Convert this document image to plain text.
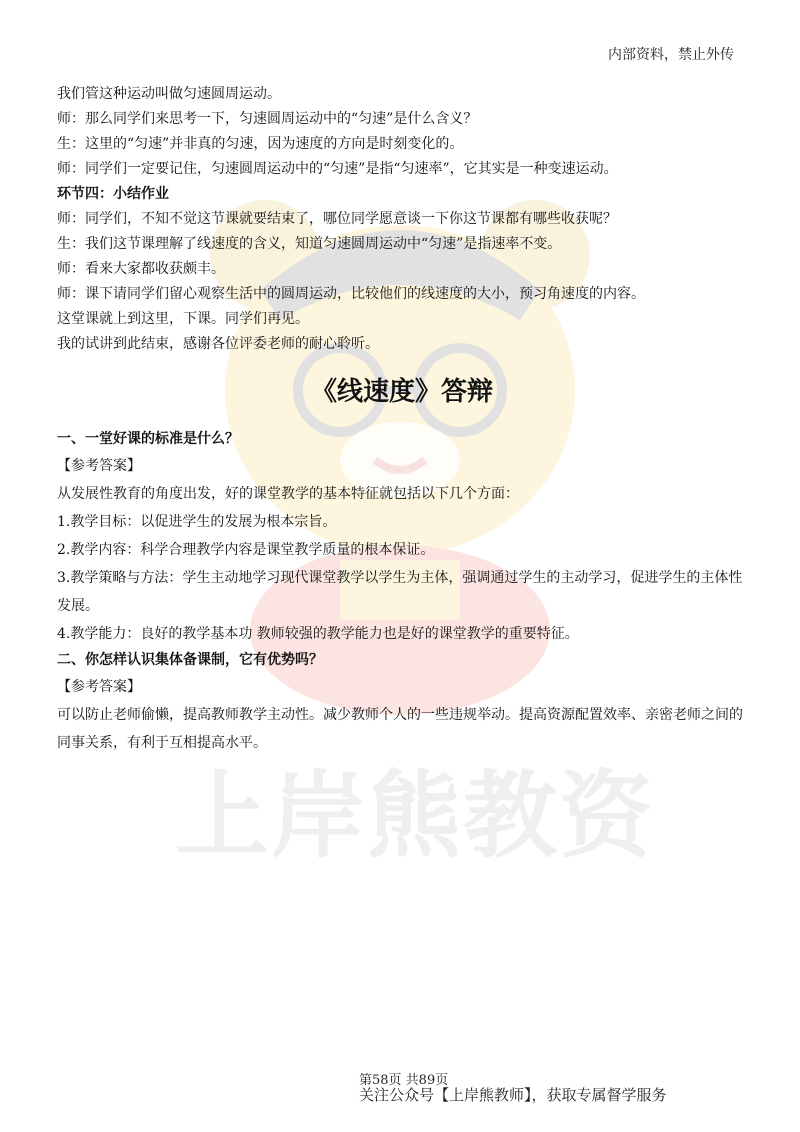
上岸熊教资
内部资料，禁止外传

我们管这种运动叫做匀速圆周运动。

师：那么同学们来思考一下，匀速圆周运动中的“匀速”是什么含义？

生：这里的“匀速”并非真的匀速，因为速度的方向是时刻变化的。

师：同学们一定要记住，匀速圆周运动中的“匀速”是指“匀速率”，它其实是一种变速运动。

环节四：小结作业

师：同学们，不知不觉这节课就要结束了，哪位同学愿意谈一下你这节课都有哪些收获呢？

生：我们这节课理解了线速度的含义，知道匀速圆周运动中“匀速”是指速率不变。

师：看来大家都收获颇丰。

师：课下请同学们留心观察生活中的圆周运动，比较他们的线速度的大小，预习角速度的内容。

这堂课就上到这里，下课。同学们再见。

我的试讲到此结束，感谢各位评委老师的耐心聆听。

《线速度》答辩

一、一堂好课的标准是什么？

【参考答案】

从发展性教育的角度出发，好的课堂教学的基本特征就包括以下几个方面：

1.教学目标：以促进学生的发展为根本宗旨。

2.教学内容：科学合理教学内容是课堂教学质量的根本保证。

3.教学策略与方法：学生主动地学习现代课堂教学以学生为主体，强调通过学生的主动学习，促进学生的主体性发展。

4.教学能力：良好的教学基本功 教师较强的教学能力也是好的课堂教学的重要特征。

二、你怎样认识集体备课制，它有优势吗？

【参考答案】

可以防止老师偷懒，提高教师教学主动性。减少教师个人的一些违规举动。提高资源配置效率、亲密老师之间的同事关系，有利于互相提高水平。

第58页 共89页
关注公众号【上岸熊教师】，获取专属督学服务
